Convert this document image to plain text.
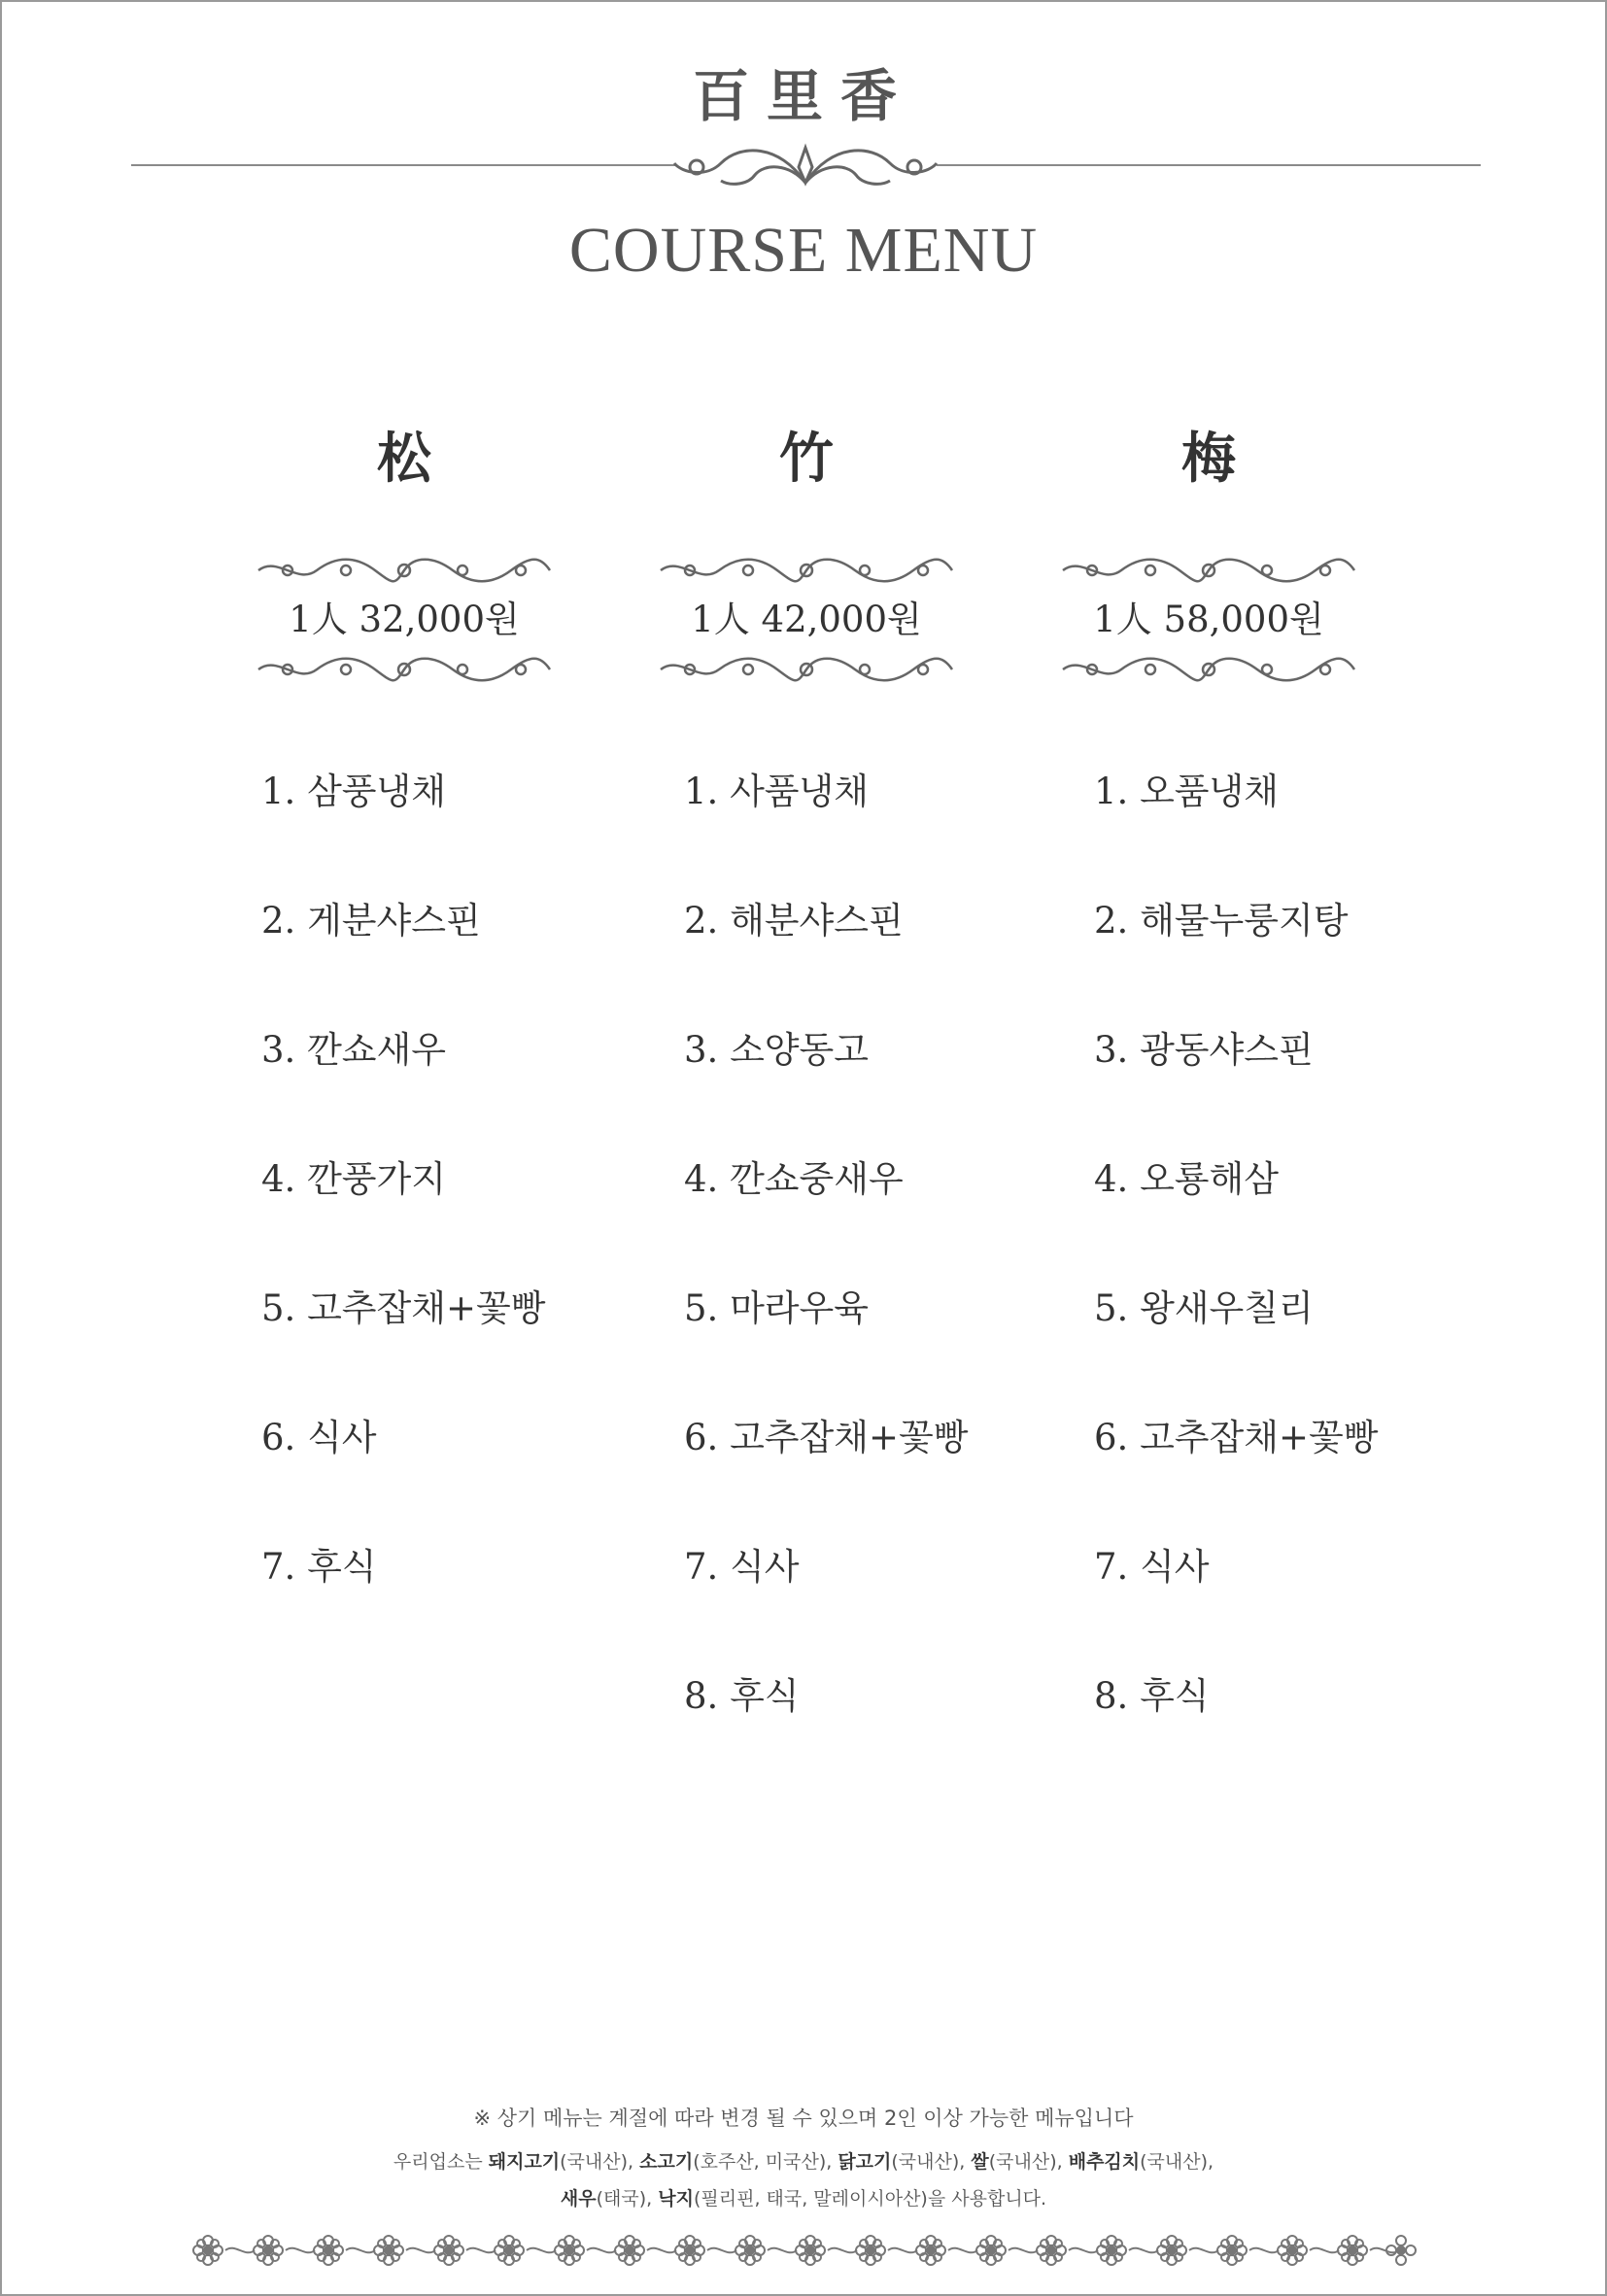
百里香
COURSE MENU
松
1人 32,000원
1. 삼풍냉채
2. 게분샤스핀
3. 깐쇼새우
4. 깐풍가지
5. 고추잡채+꽃빵
6. 식사
7. 후식
竹
1人 42,000원
1. 사품냉채
2. 해분샤스핀
3. 소양동고
4. 깐쇼중새우
5. 마라우육
6. 고추잡채+꽃빵
7. 식사
8. 후식
梅
1人 58,000원
1. 오품냉채
2. 해물누룽지탕
3. 광동샤스핀
4. 오룡해삼
5. 왕새우칠리
6. 고추잡채+꽃빵
7. 식사
8. 후식
※ 상기 메뉴는 계절에 따라 변경 될 수 있으며 2인 이상 가능한 메뉴입니다
우리업소는 돼지고기(국내산), 소고기(호주산, 미국산), 닭고기(국내산), 쌀(국내산), 배추김치(국내산),
새우(태국), 낙지(필리핀, 태국, 말레이시아산)을 사용합니다.
